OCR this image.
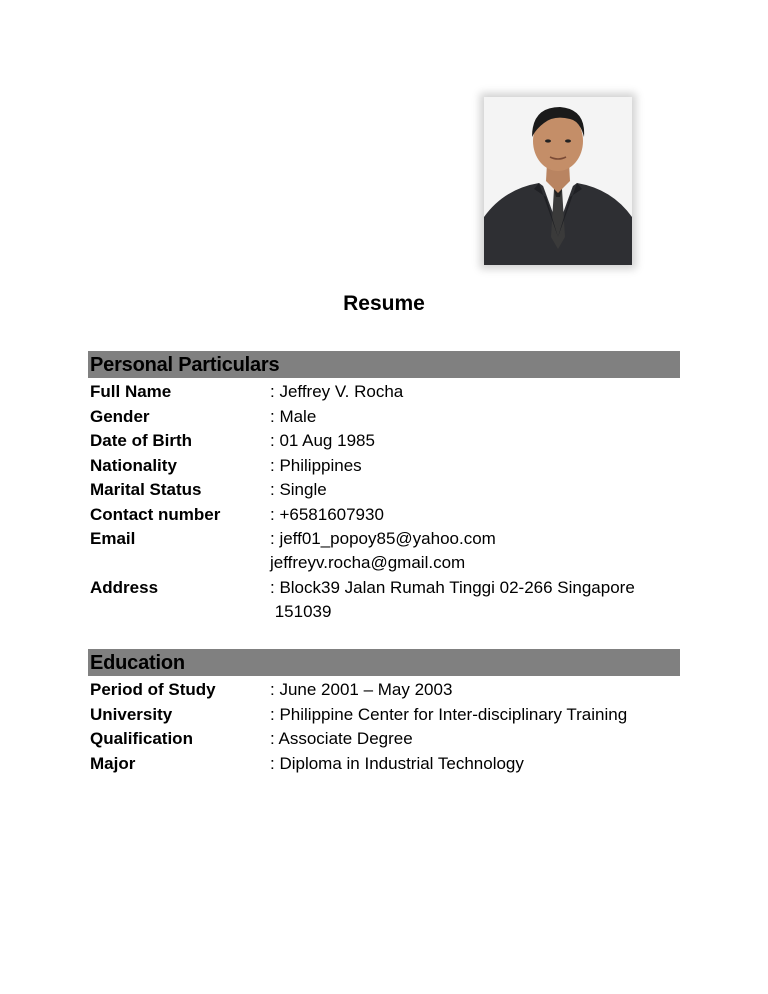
Resume
Personal Particulars
Full Name	: Jeffrey V. Rocha
Gender	: Male
Date of Birth	: 01 Aug 1985
Nationality	: Philippines
Marital Status	: Single
Contact number	: +6581607930
Email	: jeff01_popoy85@yahoo.com
jeffreyv.rocha@gmail.com
Address	: Block39 Jalan Rumah Tinggi 02-266 Singapore
151039
Education
Period of Study	: June 2001 – May 2003
University	: Philippine Center for Inter-disciplinary Training
Qualification	: Associate Degree
Major	: Diploma in Industrial Technology
